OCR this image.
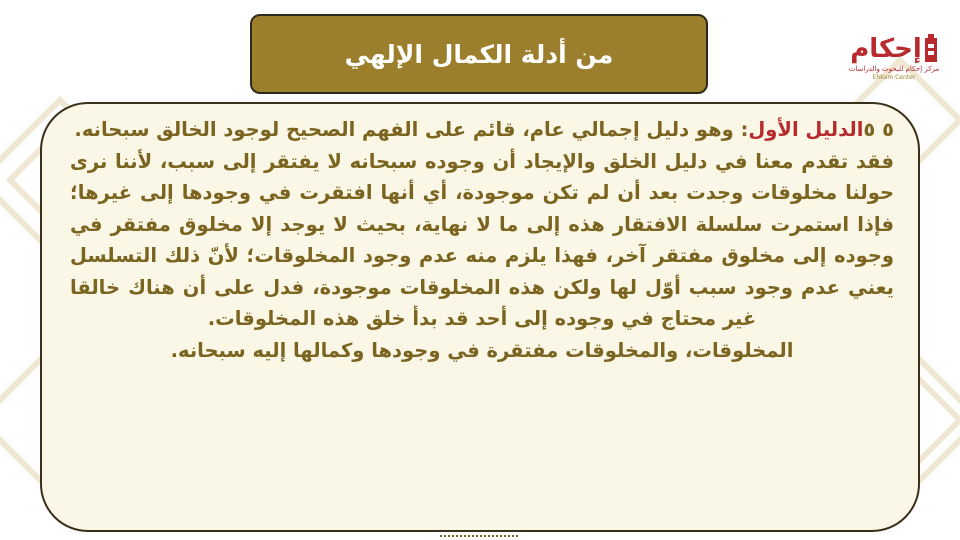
من أدلة الكمال الإلهي	إحكام
مركز إحكام للبحوث والدراسات
Ehkam Center

٥ ٥الدليل الأول: وهو دليل إجمالي عام، قائم على الفهم الصحيح لوجود الخالق سبحانه.

فقد تقدم معنا في دليل الخلق والإيجاد أن وجوده سبحانه لا يفتقر إلى سبب، لأننا نرى حولنا مخلوقات وجدت بعد أن لم تكن موجودة، أي أنها افتقرت في وجودها إلى غيرها؛ فإذا استمرت سلسلة الافتقار هذه إلى ما لا نهاية، بحيث لا يوجد إلا مخلوق مفتقر في وجوده إلى مخلوق مفتقر آخر، فهذا يلزم منه عدم وجود المخلوقات؛ لأنّ ذلك التسلسل يعني عدم وجود سبب أوّل لها ولكن هذه المخلوقات موجودة، فدل على أن هناك خالقا غير محتاج في وجوده إلى أحد قد بدأ خلق هذه المخلوقات.

المخلوقات، والمخلوقات مفتقرة في وجودها وكمالها إليه سبحانه.
